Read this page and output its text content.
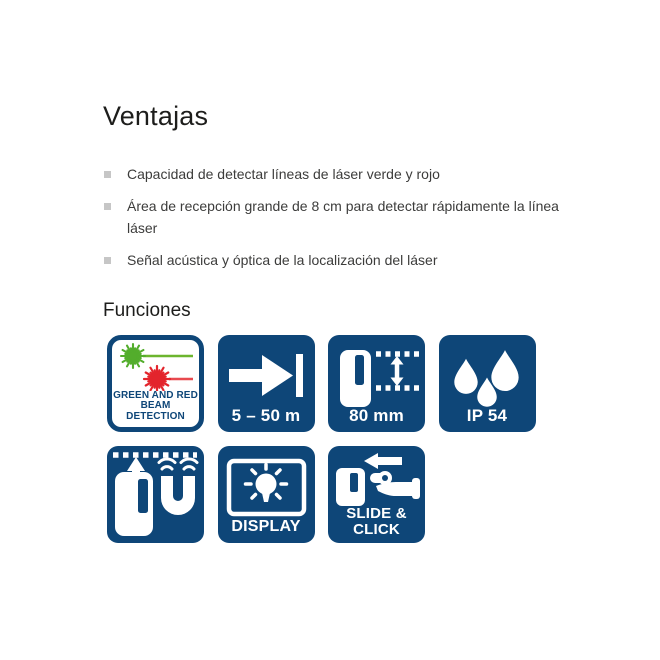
Ventajas
Capacidad de detectar líneas de láser verde y rojo
Área de recepción grande de 8 cm para detectar rápidamente la línea láser
Señal acústica y óptica de la localización del láser
Funciones
GREEN AND RED
BEAM
DETECTION	5 – 50 m	80 mm	IP 54
DISPLAY
SLIDE &
CLICK
